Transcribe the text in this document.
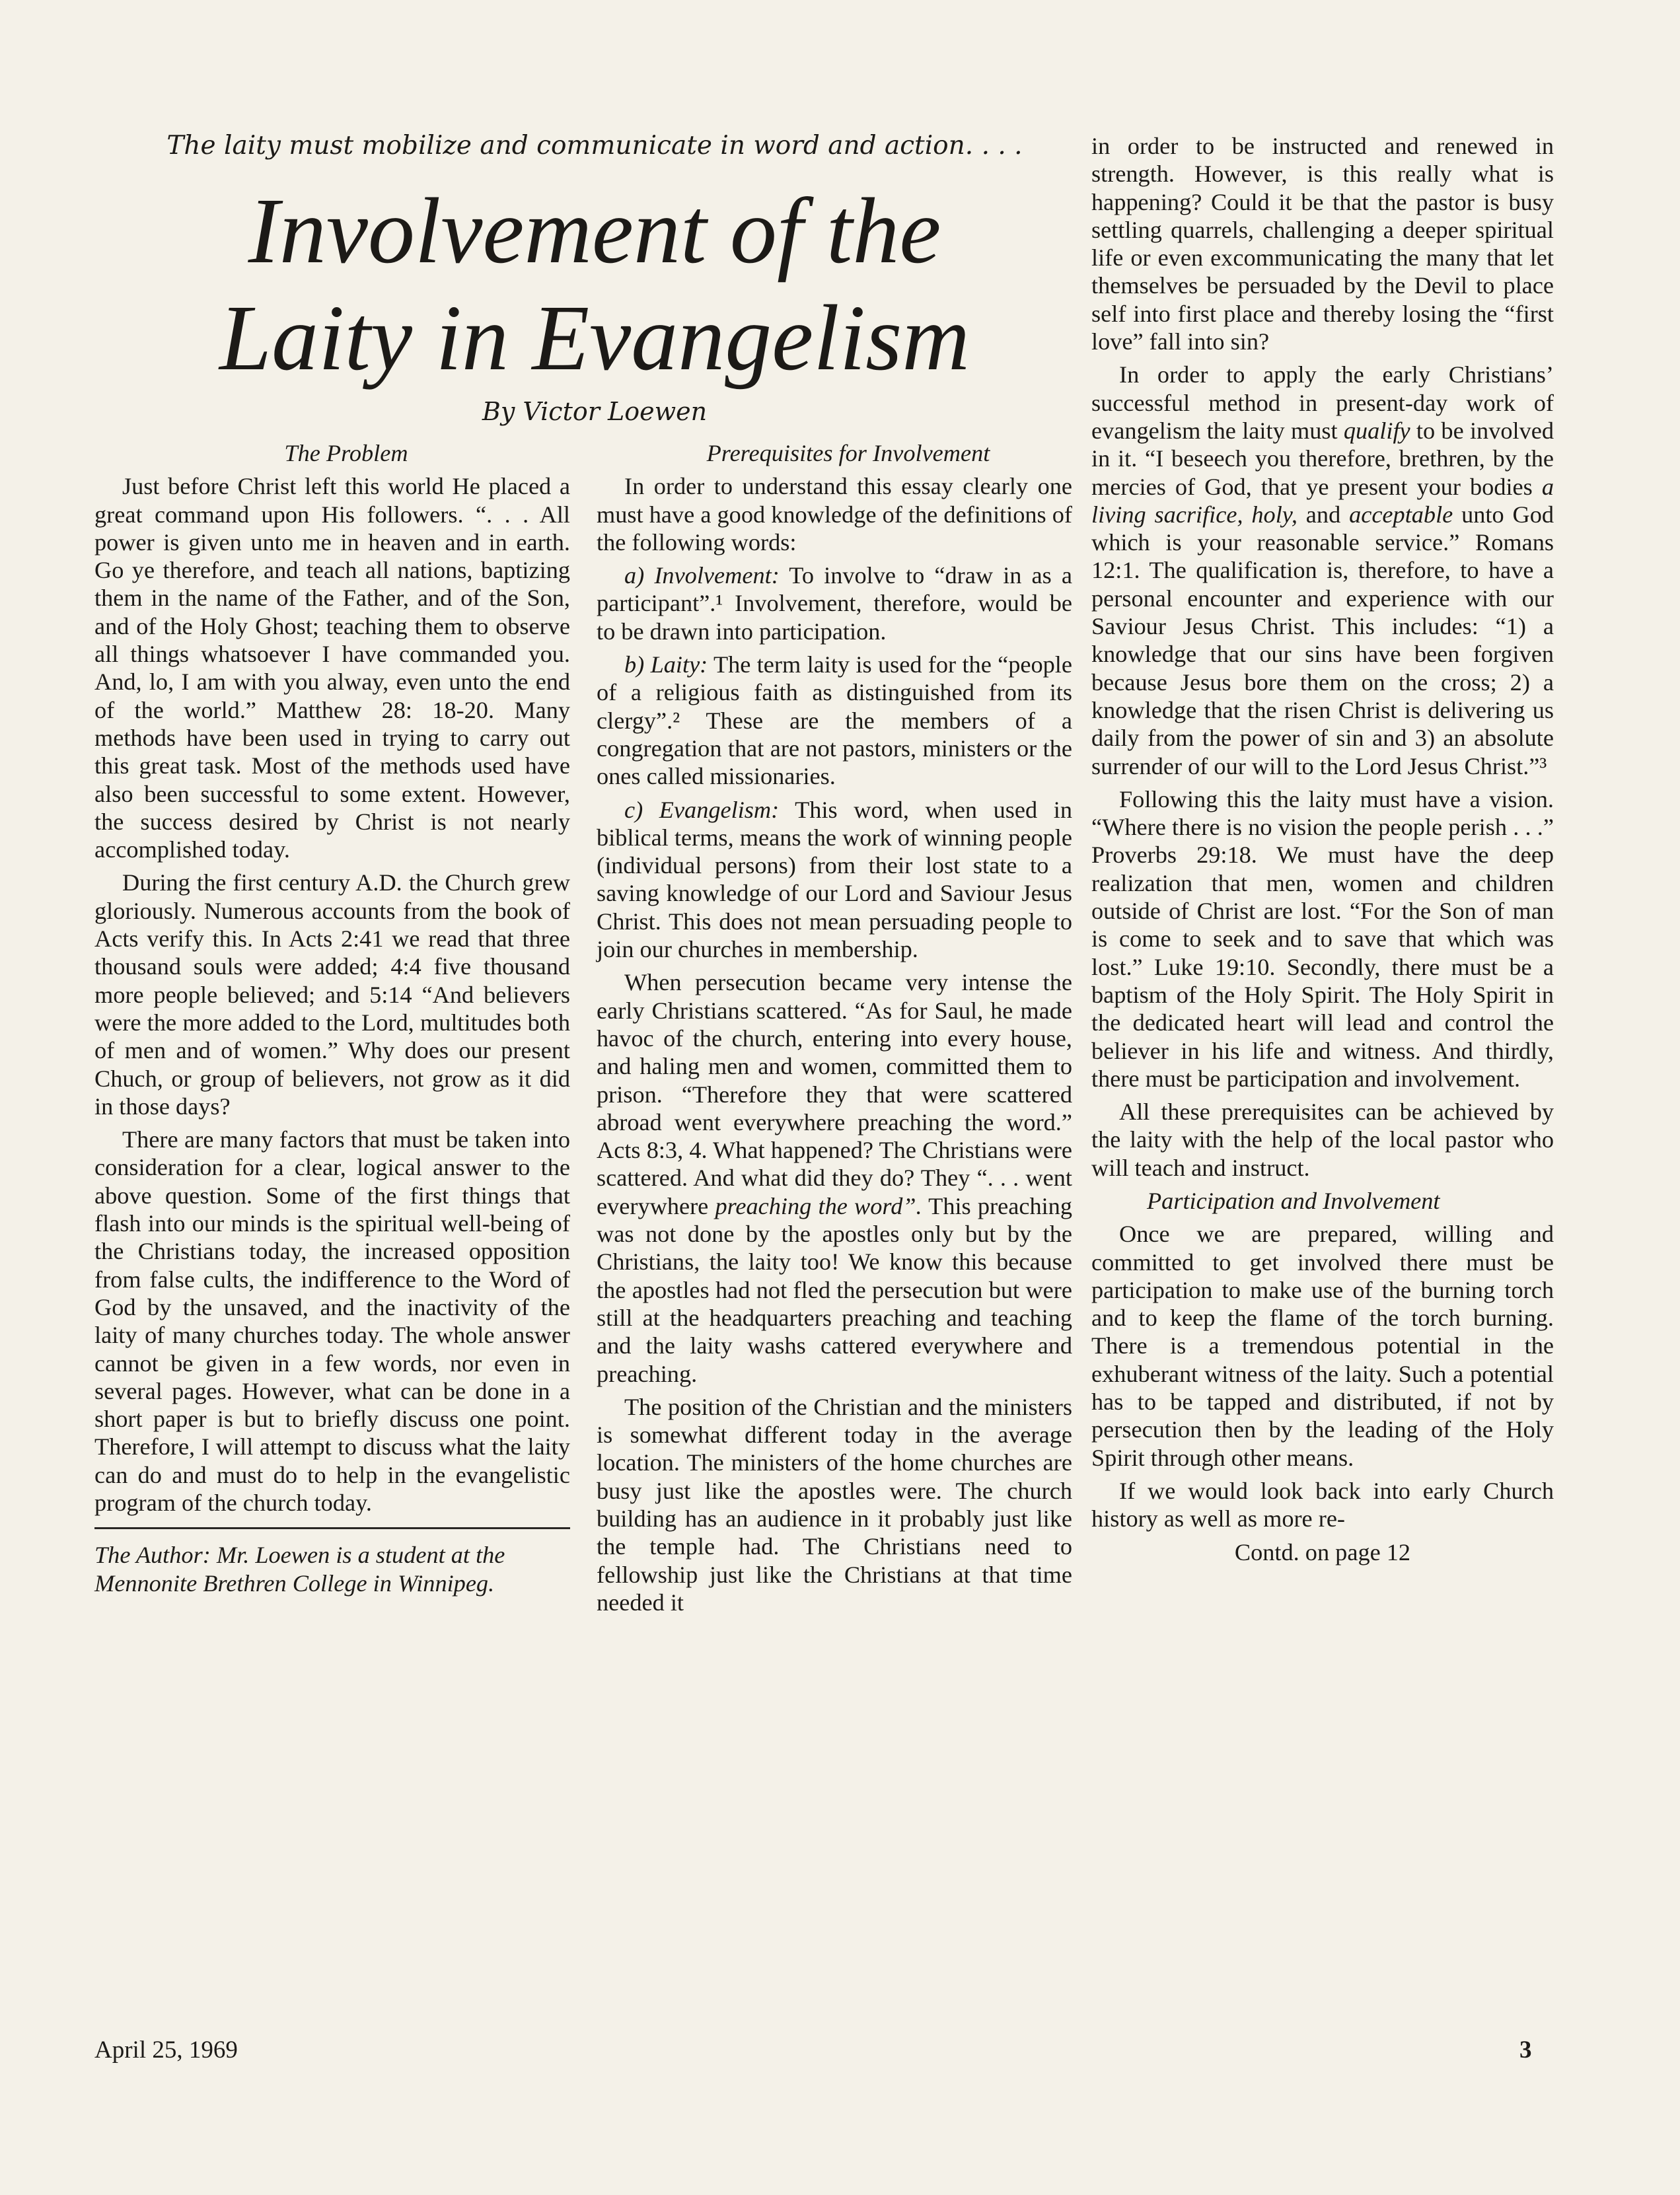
The laity must mobilize and communicate in word and action. . . .
Involvement of the
Laity in Evangelism
By Victor Loewen

The Problem

Just before Christ left this world He placed a great command upon His followers. “. . . All power is given unto me in heaven and in earth. Go ye therefore, and teach all nations, baptizing them in the name of the Father, and of the Son, and of the Holy Ghost; teaching them to observe all things whatsoever I have commanded you. And, lo, I am with you alway, even unto the end of the world.” Matthew 28: 18-20. Many methods have been used in trying to carry out this great task. Most of the methods used have also been successful to some extent. However, the success desired by Christ is not nearly accomplished today.

During the first century A.D. the Church grew gloriously. Numerous accounts from the book of Acts verify this. In Acts 2:41 we read that three thousand souls were added; 4:4 five thousand more people believed; and 5:14 “And believers were the more added to the Lord, multitudes both of men and of women.” Why does our present Chuch, or group of believers, not grow as it did in those days?

There are many factors that must be taken into consideration for a clear, logical answer to the above question. Some of the first things that flash into our minds is the spiritual well-being of the Christians today, the increased opposition from false cults, the indifference to the Word of God by the unsaved, and the inactivity of the laity of many churches today. The whole answer cannot be given in a few words, nor even in several pages. However, what can be done in a short paper is but to briefly discuss one point. Therefore, I will attempt to discuss what the laity can do and must do to help in the evangelistic program of the church today.

The Author: Mr. Loewen is a student at the Mennonite Brethren College in Winnipeg.

Prerequisites for Involvement

In order to understand this essay clearly one must have a good knowledge of the definitions of the following words:

a) Involvement: To involve to “draw in as a participant”.¹ Involvement, therefore, would be to be drawn into participation.

b) Laity: The term laity is used for the “people of a religious faith as distinguished from its clergy”.² These are the members of a congregation that are not pastors, ministers or the ones called missionaries.

c) Evangelism: This word, when used in biblical terms, means the work of winning people (individual persons) from their lost state to a saving knowledge of our Lord and Saviour Jesus Christ. This does not mean persuading people to join our churches in membership.

When persecution became very intense the early Christians scattered. “As for Saul, he made havoc of the church, entering into every house, and haling men and women, committed them to prison. “Therefore they that were scattered abroad went everywhere preaching the word.” Acts 8:3, 4. What happened? The Christians were scattered. And what did they do? They “. . . went everywhere preaching the word”. This preaching was not done by the apostles only but by the Christians, the laity too! We know this because the apostles had not fled the persecution but were still at the headquarters preaching and teaching and the laity washs cattered everywhere and preaching.

The position of the Christian and the ministers is somewhat different today in the average location. The ministers of the home churches are busy just like the apostles were. The church building has an audience in it probably just like the temple had. The Christians need to fellowship just like the Christians at that time needed it

in order to be instructed and renewed in strength. However, is this really what is happening? Could it be that the pastor is busy settling quarrels, challenging a deeper spiritual life or even excommunicating the many that let themselves be persuaded by the Devil to place self into first place and thereby losing the “first love” fall into sin?

In order to apply the early Christians’ successful method in present-day work of evangelism the laity must qualify to be involved in it. “I beseech you therefore, brethren, by the mercies of God, that ye present your bodies a living sacrifice, holy, and acceptable unto God which is your reasonable service.” Romans 12:1. The qualification is, therefore, to have a personal encounter and experience with our Saviour Jesus Christ. This includes: “1) a knowledge that our sins have been forgiven because Jesus bore them on the cross; 2) a knowledge that the risen Christ is delivering us daily from the power of sin and 3) an absolute surrender of our will to the Lord Jesus Christ.”³

Following this the laity must have a vision. “Where there is no vision the people perish . . .” Proverbs 29:18. We must have the deep realization that men, women and children outside of Christ are lost. “For the Son of man is come to seek and to save that which was lost.” Luke 19:10. Secondly, there must be a baptism of the Holy Spirit. The Holy Spirit in the dedicated heart will lead and control the believer in his life and witness. And thirdly, there must be participation and involvement.

All these prerequisites can be achieved by the laity with the help of the local pastor who will teach and instruct.

Participation and Involvement

Once we are prepared, willing and committed to get involved there must be participation to make use of the burning torch and to keep the flame of the torch burning. There is a tremendous potential in the exhuberant witness of the laity. Such a potential has to be tapped and distributed, if not by persecution then by the leading of the Holy Spirit through other means.

If we would look back into early Church history as well as more re-

Contd. on page 12

April 25, 1969	3
